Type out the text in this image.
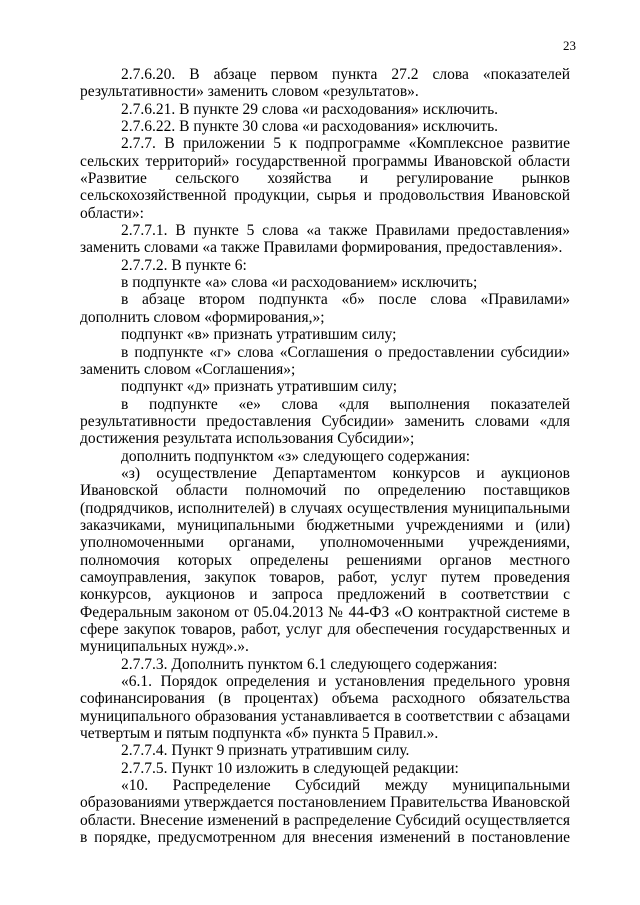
23

2.7.6.20. В абзаце первом пункта 27.2 слова «показателей результативности» заменить словом «результатов».

2.7.6.21. В пункте 29 слова «и расходования» исключить.

2.7.6.22. В пункте 30 слова «и расходования» исключить.

2.7.7. В приложении 5 к подпрограмме «Комплексное развитие сельских территорий» государственной программы Ивановской области «Развитие сельского хозяйства и регулирование рынков сельскохозяйственной продукции, сырья и продовольствия Ивановской области»:

2.7.7.1. В пункте 5 слова «а также Правилами предоставления» заменить словами «а также Правилами формирования, предоставления».

2.7.7.2. В пункте 6:

в подпункте «а» слова «и расходованием» исключить;

в абзаце втором подпункта «б» после слова «Правилами» дополнить словом «формирования,»;

подпункт «в» признать утратившим силу;

в подпункте «г» слова «Соглашения о предоставлении субсидии» заменить словом «Соглашения»;

подпункт «д» признать утратившим силу;

в подпункте «е» слова «для выполнения показателей результативности предоставления Субсидии» заменить словами «для достижения результата использования Субсидии»;

дополнить подпунктом «з» следующего содержания:

«з) осуществление Департаментом конкурсов и аукционов Ивановской области полномочий по определению поставщиков (подрядчиков, исполнителей) в случаях осуществления муниципальными заказчиками, муниципальными бюджетными учреждениями и (или) уполномоченными органами, уполномоченными учреждениями, полномочия которых определены решениями органов местного самоуправления, закупок товаров, работ, услуг путем проведения конкурсов, аукционов и запроса предложений в соответствии с Федеральным законом от 05.04.2013 № 44-ФЗ «О контрактной системе в сфере закупок товаров, работ, услуг для обеспечения государственных и муниципальных нужд».».

2.7.7.3. Дополнить пунктом 6.1 следующего содержания:

«6.1. Порядок определения и установления предельного уровня софинансирования (в процентах) объема расходного обязательства муниципального образования устанавливается в соответствии с абзацами четвертым и пятым подпункта «б» пункта 5 Правил.».

2.7.7.4. Пункт 9 признать утратившим силу.

2.7.7.5. Пункт 10 изложить в следующей редакции:

«10. Распределение Субсидий между муниципальными образованиями утверждается постановлением Правительства Ивановской области. Внесение изменений в распределение Субсидий осуществляется в порядке, предусмотренном для внесения изменений в постановление
